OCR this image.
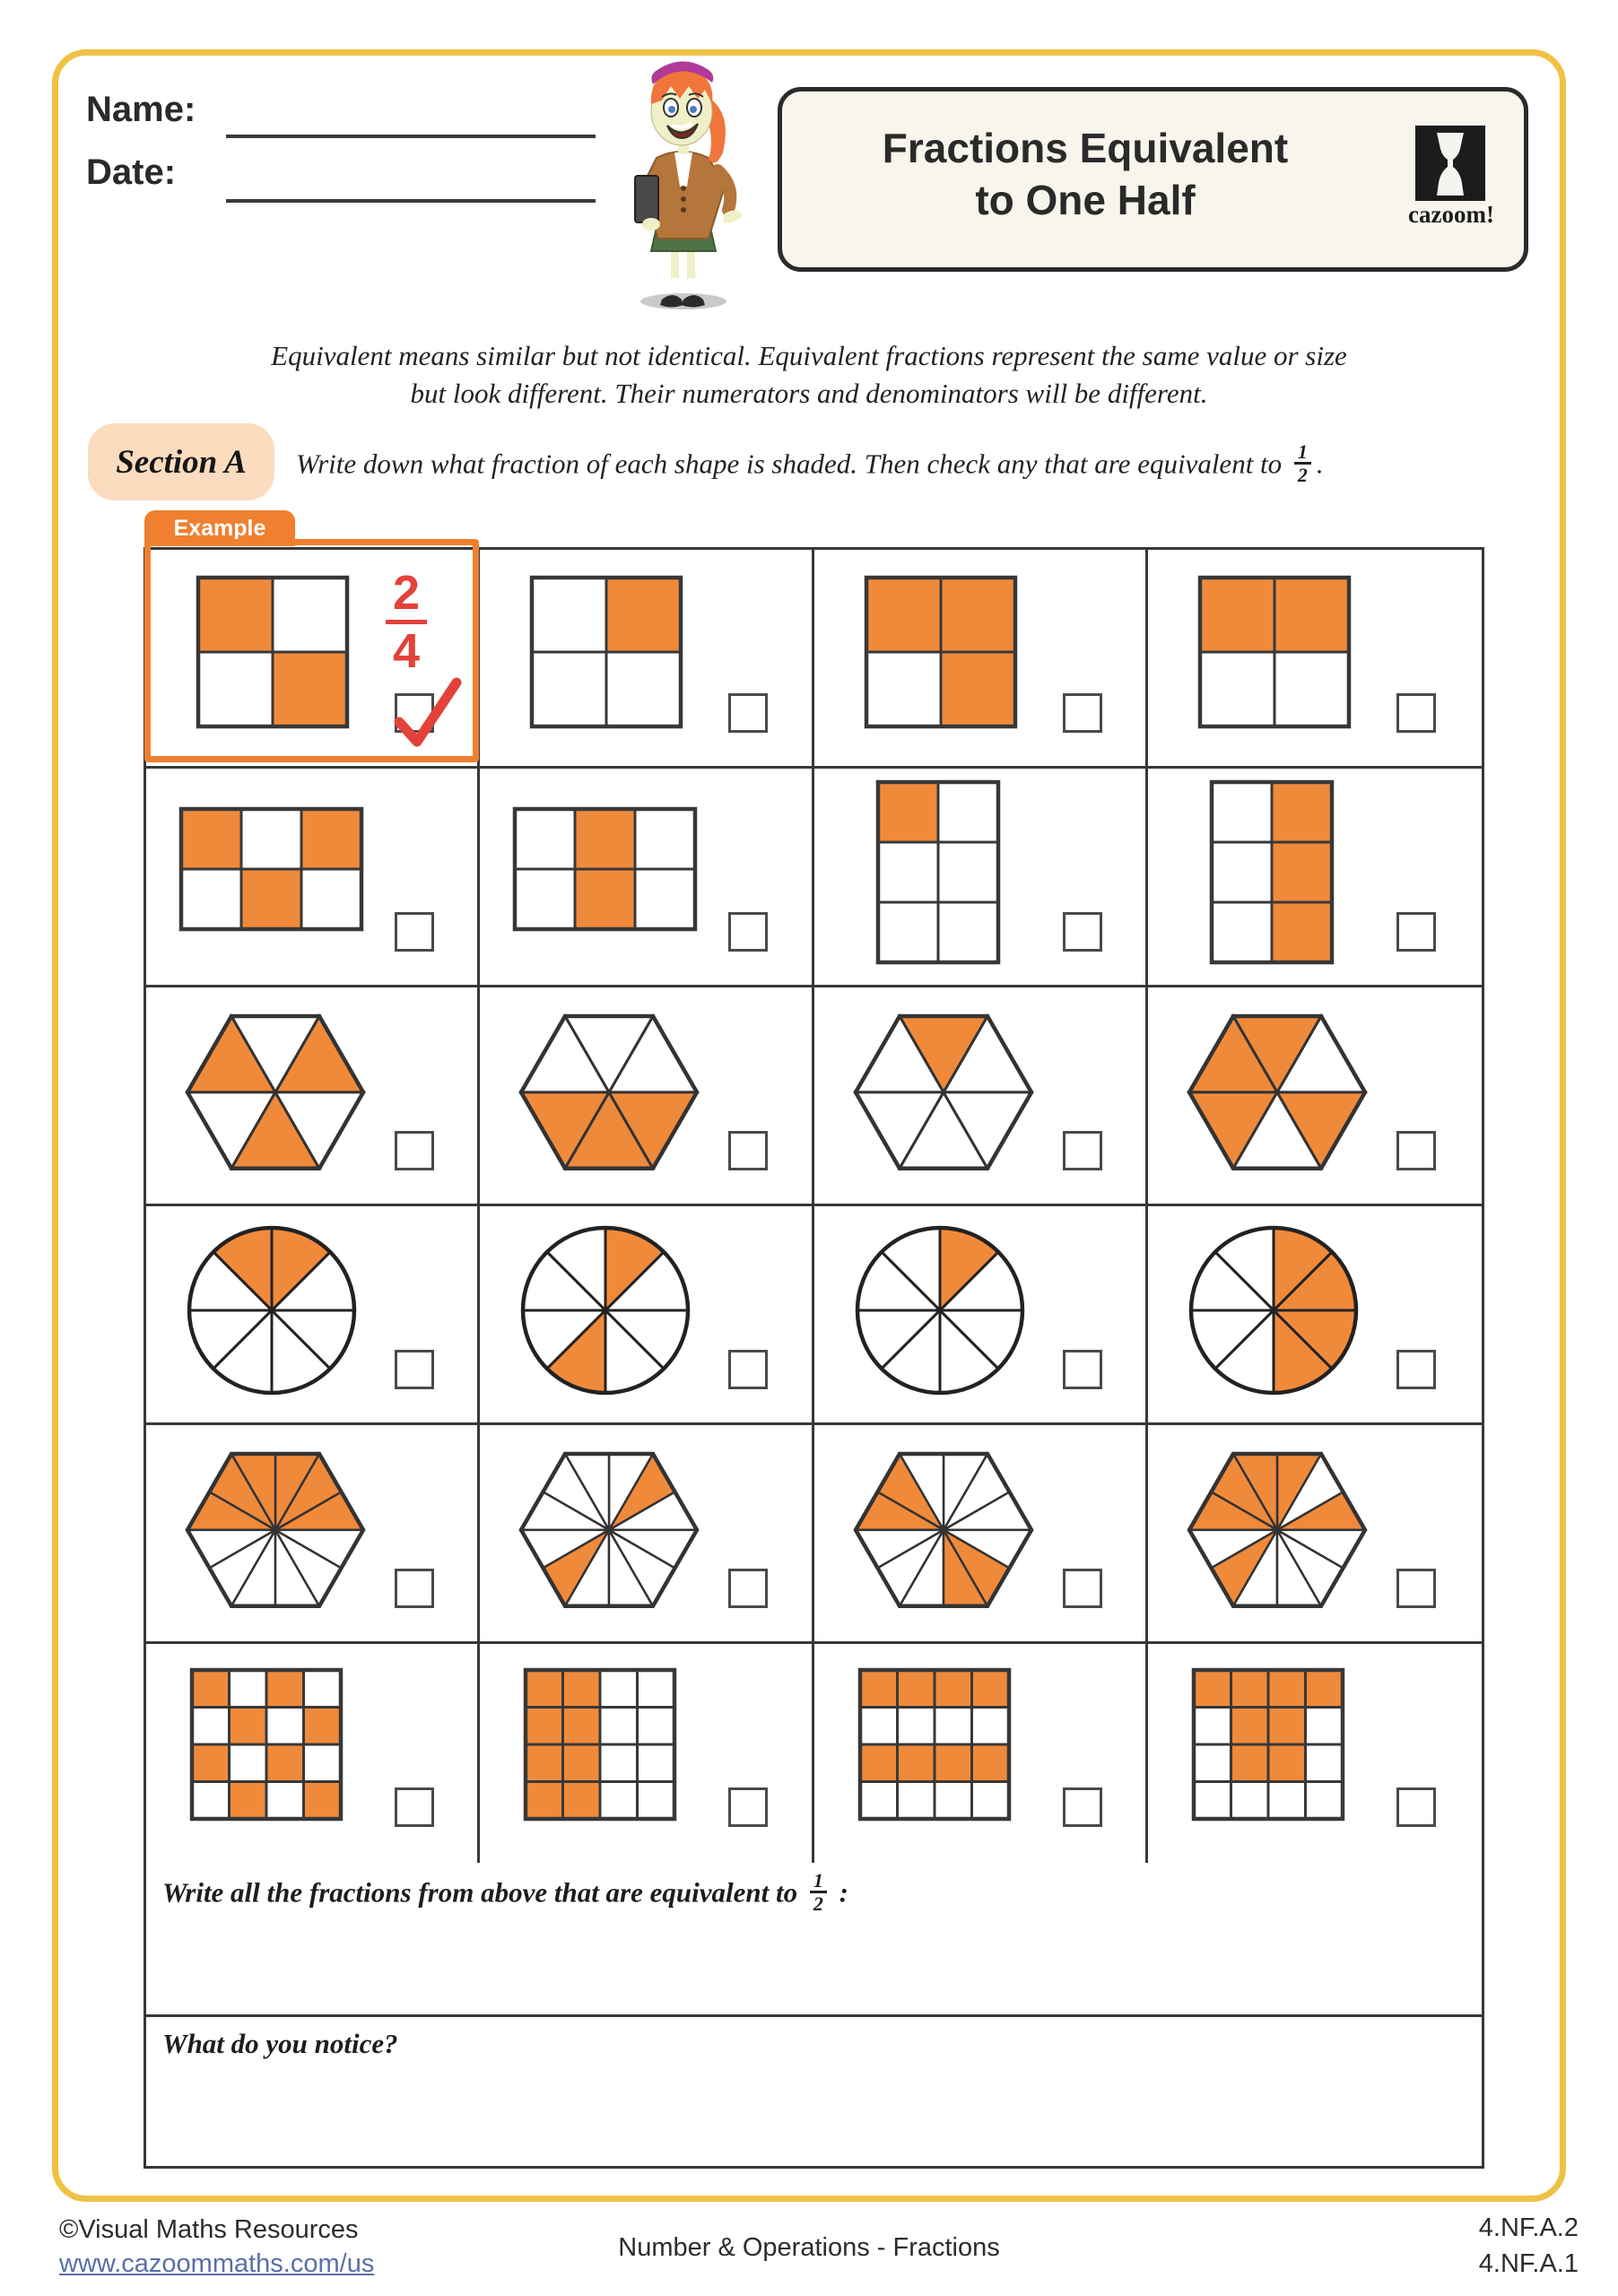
Name:
Date:
Fractions Equivalent
to One Half	cazoom!
Equivalent means similar but not identical. Equivalent fractions represent the same value or size
but look different. Their numerators and denominators will be different.
Section A Write down what fraction of each shape is shaded. Then check any that are equivalent to $\frac{1}{2}$ .
Example
2
4
Write all the fractions from above that are equivalent to $\frac{1}{2}$ :
What do you notice?
©Visual Maths Resources
www.cazoommaths.com/us
Number & Operations - Fractions
4.NF.A.2
4.NF.A.1
